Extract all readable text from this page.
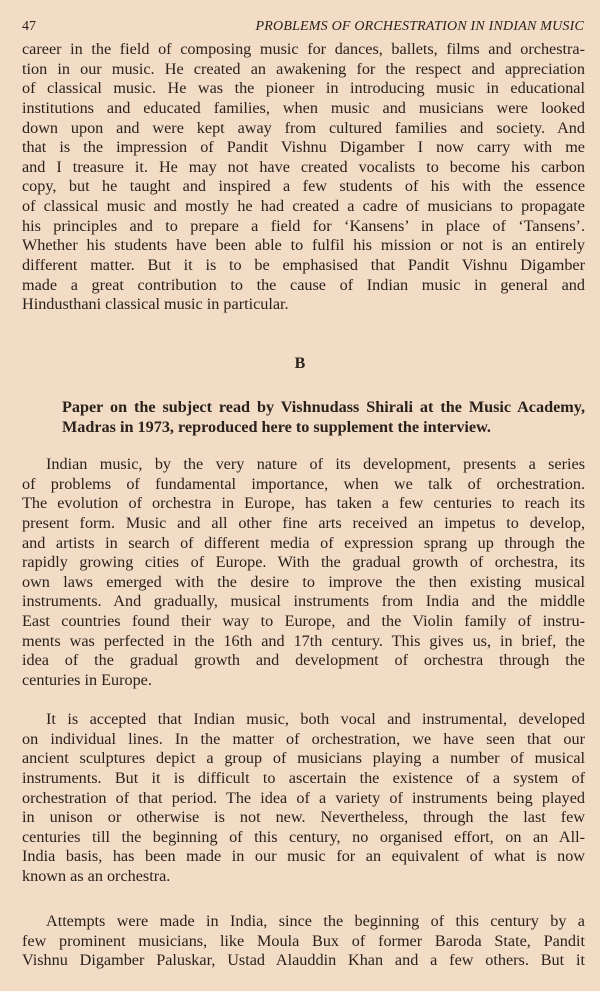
47	PROBLEMS OF ORCHESTRATION IN INDIAN MUSIC
career in the field of composing music for dances, ballets, films and orchestra-
tion in our music. He created an awakening for the respect and appreciation
of classical music. He was the pioneer in introducing music in educational
institutions and educated families, when music and musicians were looked
down upon and were kept away from cultured families and society. And
that is the impression of Pandit Vishnu Digamber I now carry with me
and I treasure it. He may not have created vocalists to become his carbon
copy, but he taught and inspired a few students of his with the essence
of classical music and mostly he had created a cadre of musicians to propagate
his principles and to prepare a field for ‘Kansens’ in place of ‘Tansens’.
Whether his students have been able to fulfil his mission or not is an entirely
different matter. But it is to be emphasised that Pandit Vishnu Digamber
made a great contribution to the cause of Indian music in general and
Hindusthani classical music in particular.
B
Paper on the subject read by Vishnudass Shirali at the Music Academy,
Madras in 1973, reproduced here to supplement the interview.
Indian music, by the very nature of its development, presents a series
of problems of fundamental importance, when we talk of orchestration.
The evolution of orchestra in Europe, has taken a few centuries to reach its
present form. Music and all other fine arts received an impetus to develop,
and artists in search of different media of expression sprang up through the
rapidly growing cities of Europe. With the gradual growth of orchestra, its
own laws emerged with the desire to improve the then existing musical
instruments. And gradually, musical instruments from India and the middle
East countries found their way to Europe, and the Violin family of instru-
ments was perfected in the 16th and 17th century. This gives us, in brief, the
idea of the gradual growth and development of orchestra through the
centuries in Europe.
It is accepted that Indian music, both vocal and instrumental, developed
on individual lines. In the matter of orchestration, we have seen that our
ancient sculptures depict a group of musicians playing a number of musical
instruments. But it is difficult to ascertain the existence of a system of
orchestration of that period. The idea of a variety of instruments being played
in unison or otherwise is not new. Nevertheless, through the last few
centuries till the beginning of this century, no organised effort, on an All-
India basis, has been made in our music for an equivalent of what is now
known as an orchestra.
Attempts were made in India, since the beginning of this century by a
few prominent musicians, like Moula Bux of former Baroda State, Pandit
Vishnu Digamber Paluskar, Ustad Alauddin Khan and a few others. But it
